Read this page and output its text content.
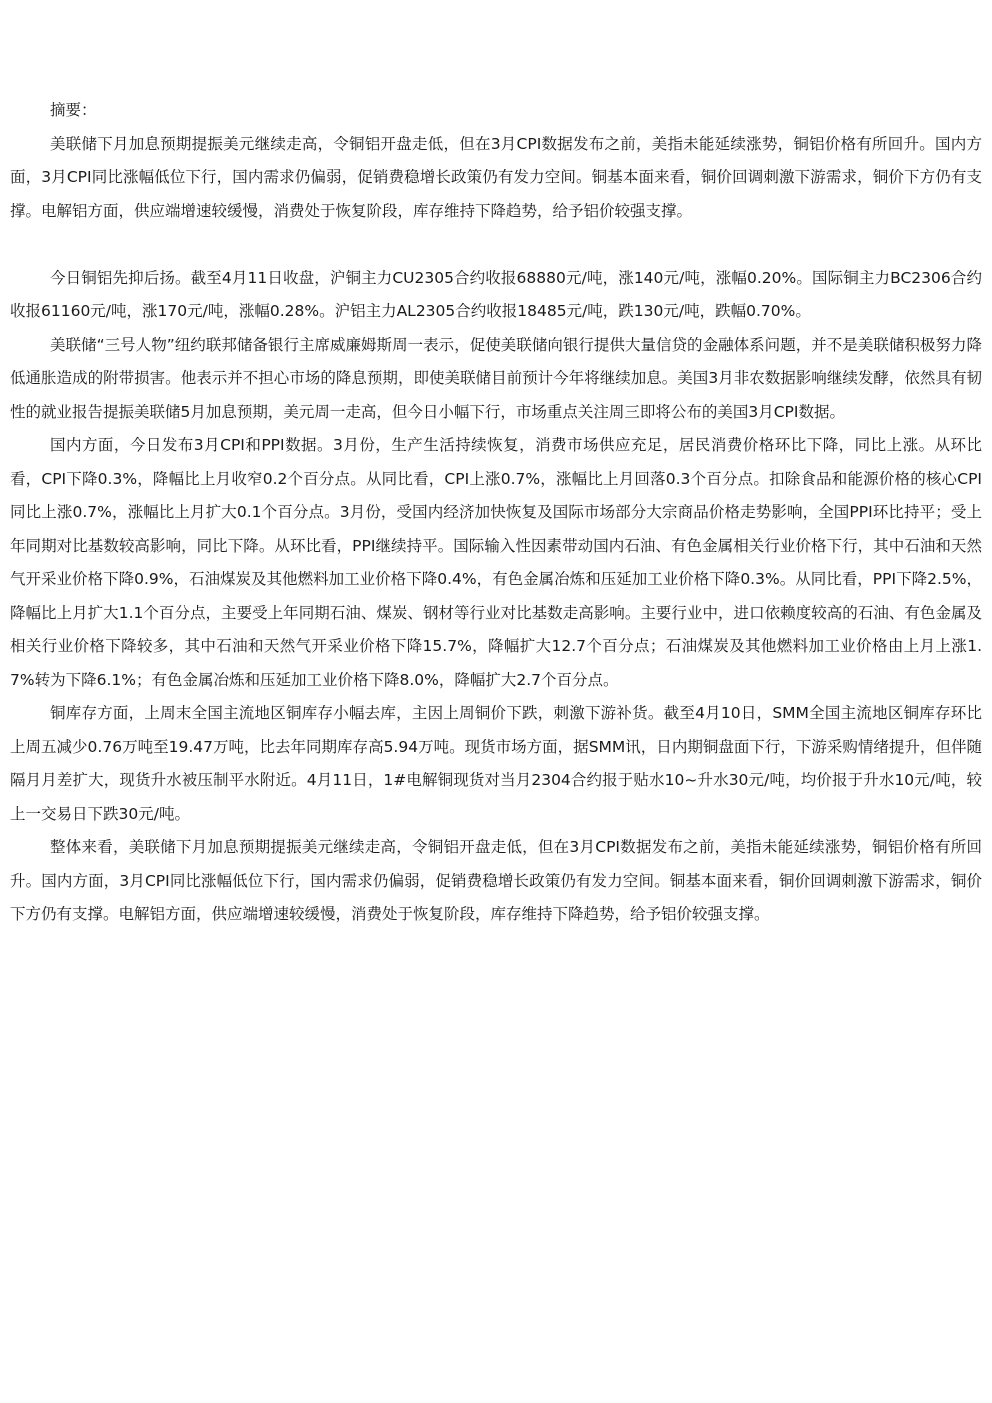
摘要：

美联储下月加息预期提振美元继续走高，令铜铝开盘走低，但在3月CPI数据发布之前，美指未能延续涨势，铜铝价格有所回升。国内方面，3月CPI同比涨幅低位下行，国内需求仍偏弱，促销费稳增长政策仍有发力空间。铜基本面来看，铜价回调刺激下游需求，铜价下方仍有支撑。电解铝方面，供应端增速较缓慢，消费处于恢复阶段，库存维持下降趋势，给予铝价较强支撑。

今日铜铝先抑后扬。截至4月11日收盘，沪铜主力CU2305合约收报68880元/吨，涨140元/吨，涨幅0.20%。国际铜主力BC2306合约收报61160元/吨，涨170元/吨，涨幅0.28%。沪铝主力AL2305合约收报18485元/吨，跌130元/吨，跌幅0.70%。

美联储“三号人物”纽约联邦储备银行主席威廉姆斯周一表示，促使美联储向银行提供大量信贷的金融体系问题，并不是美联储积极努力降低通胀造成的附带损害。他表示并不担心市场的降息预期，即使美联储目前预计今年将继续加息。美国3月非农数据影响继续发酵，依然具有韧性的就业报告提振美联储5月加息预期，美元周一走高，但今日小幅下行，市场重点关注周三即将公布的美国3月CPI数据。

国内方面，今日发布3月CPI和PPI数据。3月份，生产生活持续恢复，消费市场供应充足，居民消费价格环比下降，同比上涨。从环比看，CPI下降0.3%，降幅比上月收窄0.2个百分点。从同比看，CPI上涨0.7%，涨幅比上月回落0.3个百分点。扣除食品和能源价格的核心CPI同比上涨0.7%，涨幅比上月扩大0.1个百分点。3月份，受国内经济加快恢复及国际市场部分大宗商品价格走势影响，全国PPI环比持平；受上年同期对比基数较高影响，同比下降。从环比看，PPI继续持平。国际输入性因素带动国内石油、有色金属相关行业价格下行，其中石油和天然气开采业价格下降0.9%，石油煤炭及其他燃料加工业价格下降0.4%，有色金属冶炼和压延加工业价格下降0.3%。从同比看，PPI下降2.5%，降幅比上月扩大1.1个百分点，主要受上年同期石油、煤炭、钢材等行业对比基数走高影响。主要行业中，进口依赖度较高的石油、有色金属及相关行业价格下降较多，其中石油和天然气开采业价格下降15.7%，降幅扩大12.7个百分点；石油煤炭及其他燃料加工业价格由上月上涨1.7%转为下降6.1%；有色金属冶炼和压延加工业价格下降8.0%，降幅扩大2.7个百分点。

铜库存方面，上周末全国主流地区铜库存小幅去库，主因上周铜价下跌，刺激下游补货。截至4月10日，SMM全国主流地区铜库存环比上周五减少0.76万吨至19.47万吨，比去年同期库存高5.94万吨。现货市场方面，据SMM讯，日内期铜盘面下行，下游采购情绪提升，但伴随隔月月差扩大，现货升水被压制平水附近。4月11日，1#电解铜现货对当月2304合约报于贴水10~升水30元/吨，均价报于升水10元/吨，较上一交易日下跌30元/吨。

整体来看，美联储下月加息预期提振美元继续走高，令铜铝开盘走低，但在3月CPI数据发布之前，美指未能延续涨势，铜铝价格有所回升。国内方面，3月CPI同比涨幅低位下行，国内需求仍偏弱，促销费稳增长政策仍有发力空间。铜基本面来看，铜价回调刺激下游需求，铜价下方仍有支撑。电解铝方面，供应端增速较缓慢，消费处于恢复阶段，库存维持下降趋势，给予铝价较强支撑。
